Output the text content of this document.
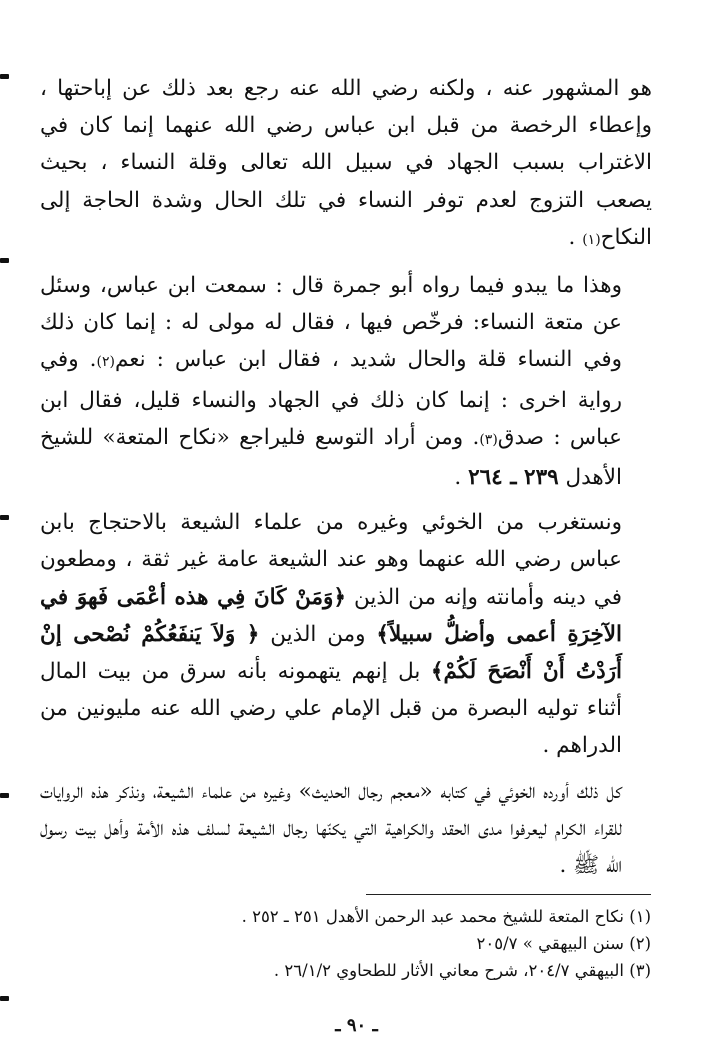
هو المشهور عنه ، ولكنه رضي الله عنه رجع بعد ذلك عن إباحتها ، وإعطاء الرخصة من قبل ابن عباس رضي الله عنهما إنما كان في الاغتراب بسبب الجهاد في سبيل الله تعالى وقلة النساء ، بحيث يصعب التزوج لعدم توفر النساء في تلك الحال وشدة الحاجة إلى النكاح(١) .

وهذا ما يبدو فيما رواه أبو جمرة قال : سمعت ابن عباس، وسئل عن متعة النساء: فرخّص فيها ، فقال له مولى له : إنما كان ذلك وفي النساء قلة والحال شديد ، فقال ابن عباس : نعم(٢). وفي رواية اخرى : إنما كان ذلك في الجهاد والنساء قليل، فقال ابن عباس : صدق(٣). ومن أراد التوسع فليراجع «نكاح المتعة» للشيخ الأهدل ٢٣٩ ـ ٢٦٤ .

ونستغرب من الخوئي وغيره من علماء الشيعة بالاحتجاج بابن عباس رضي الله عنهما وهو عند الشيعة عامة غير ثقة ، ومطعون في دينه وأمانته وإنه من الذين ﴿وَمَنْ كَانَ فِي هذه أعْمَى فَهوَ في الآخِرَةِ أعمى وأضلُّ سبيلاً﴾ ومن الذين ﴿ وَلاَ يَنفَعُكُمْ نُصْحى إنْ أَرَدْتُ أَنْ أَنْصَحَ لَكُمْ﴾ بل إنهم يتهمونه بأنه سرق من بيت المال أثناء توليه البصرة من قبل الإمام علي رضي الله عنه مليونين من الدراهم .

كل ذلك أورده الخوئي في كتابه «معجم رجال الحديث» وغيره من علماء الشيعة، ونذكر هذه الروايات للقراء الكرام ليعرفوا مدى الحقد والكراهية التي يكنّها رجال الشيعة لسلف هذه الأمة وأهل بيت رسول الله ﷺ .

(١) نكاح المتعة للشيخ محمد عبد الرحمن الأهدل ٢٥١ ـ ٢٥٢ .
(٢) سنن البيهقي » ٢٠٥/٧
(٣) البيهقي ٢٠٤/٧، شرح معاني الأثار للطحاوي ٢٦/١/٢ .
ـ ٩٠ ـ
